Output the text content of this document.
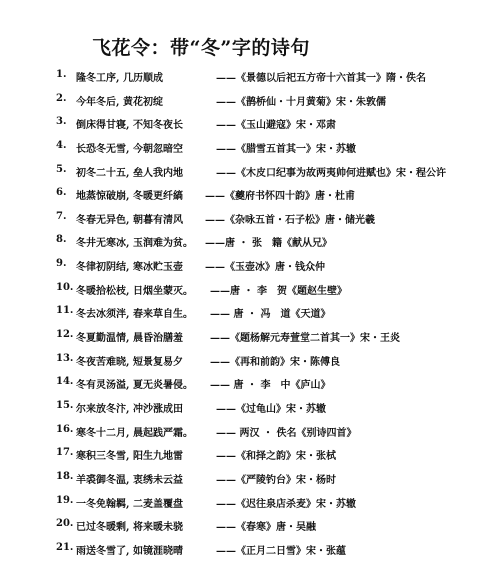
飞花令：带“冬”字的诗句
1. 隆冬工序, 几历顺成	——《景德以后祀五方帝十六首其一》隋・佚名
2. 今年冬后, 黄花初绽	——《鹊桥仙・十月黄菊》宋・朱敦儒
3. 倒床得甘寝, 不知冬夜长	——《玉山避寇》宋・邓肃
4. 长恐冬无雪, 今朝忽暗空	——《腊雪五首其一》宋・苏辙
5. 初冬二十五, 垒人我内地	——《木皮口纪事为故两夷帅何进赋也》宋・程公许
6. 地蒸惊破崩, 冬暖更纤縞 ——《夔府书怀四十韵》唐・杜甫
7. 冬春无异色, 朝暮有清风 ——《杂咏五首・石子松》唐・储光羲
8. 冬井无寒冰, 玉润难为贫。 ——唐 ・ 张　籍《献从兄》
9. 冬律初阴结, 寒冰贮玉壶 ——《玉壶冰》唐・钱众仲
10. 冬暖拾松枝, 日烟坐蒙灭。 ——唐 ・ 李　贺《题赵生壁》
11. 冬去冰须泮, 春来草自生。 —— 唐 ・ 冯　道《天道》
12. 冬夏勤温情, 晨昏治膳羞	——《题杨解元寿萱堂二首其一》宋・王炎
13. 冬夜苦难晓, 短景复易夕	——《再和前韵》宋・陈傅良
14. 冬有灵汤溢, 夏无炎暑侵。 —— 唐 ・ 李　中《庐山》
15. 尔来放冬汴, 冲沙涨成田	——《过龟山》宋・苏辙
16. 寒冬十二月, 晨起践严霜。 —— 两汉 ・ 佚名《别诗四首》
17. 寒积三冬雪, 阳生九地雷	——《和择之韵》宋・张栻
18. 羊裘御冬温, 衷绣未云益	——《严陵钓台》宋・杨时
19. 一冬免翰羁, 二麦盖覆盘	——《迟往泉店杀麦》宋・苏辙
20. 已过冬暖剩, 将来暖未骁	——《春寒》唐・吴融
21. 雨送冬雪了, 如镜涯晓晴	——《正月二日雪》宋・张蕴
